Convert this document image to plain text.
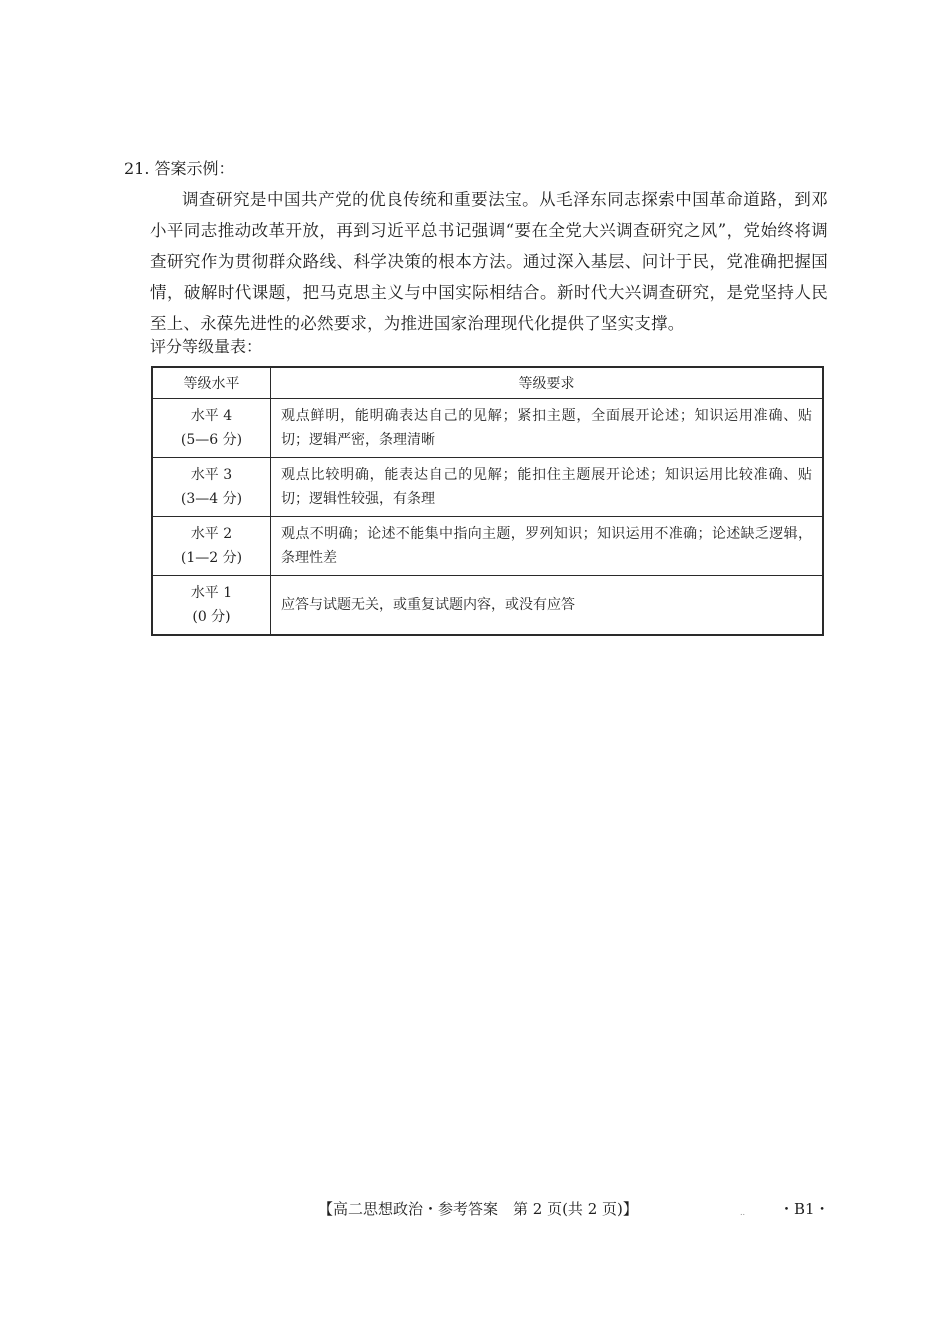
21. 答案示例：
调查研究是中国共产党的优良传统和重要法宝。从毛泽东同志探索中国革命道路，到邓小平同志推动改革开放，再到习近平总书记强调“要在全党大兴调查研究之风”，党始终将调查研究作为贯彻群众路线、科学决策的根本方法。通过深入基层、问计于民，党准确把握国情，破解时代课题，把马克思主义与中国实际相结合。新时代大兴调查研究，是党坚持人民至上、永葆先进性的必然要求，为推进国家治理现代化提供了坚实支撑。
评分等级量表：
等级水平	等级要求

水平 4
(5—6 分)	观点鲜明，能明确表达自己的见解；紧扣主题，全面展开论述；知识运用准确、贴切；逻辑严密，条理清晰

水平 3
(3—4 分)	观点比较明确，能表达自己的见解；能扣住主题展开论述；知识运用比较准确、贴切；逻辑性较强，有条理

水平 2
(1—2 分)	观点不明确；论述不能集中指向主题，罗列知识；知识运用不准确；论述缺乏逻辑，条理性差

水平 1
(0 分)	应答与试题无关，或重复试题内容，或没有应答
【高二思想政治・参考答案　第 2 页(共 2 页)】	.. ・B1・
